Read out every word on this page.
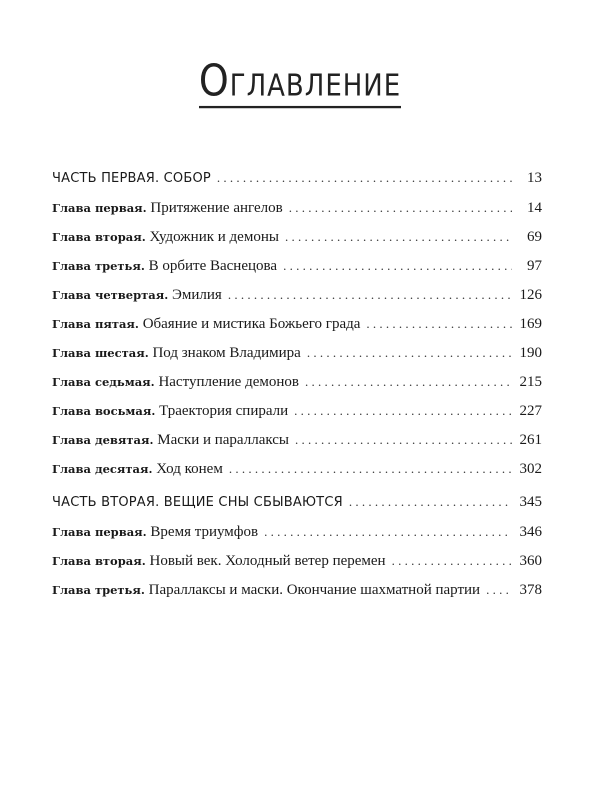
ОГЛАВЛЕНИЕ
ЧАСТЬ ПЕРВАЯ. СОБОР . . .	13
Глава первая. Притяжение ангелов . . .	14
Глава вторая. Художник и демоны . . .	69
Глава третья. В орбите Васнецова . . .	97
Глава четвертая. Эмилия . . .	126
Глава пятая. Обаяние и мистика Божьего града . . .	169
Глава шестая. Под знаком Владимира . . .	190
Глава седьмая. Наступление демонов . . .	215
Глава восьмая. Траектория спирали . . .	227
Глава девятая. Маски и параллаксы . . .	261
Глава десятая. Ход конем . . .	302
ЧАСТЬ ВТОРАЯ. ВЕЩИЕ СНЫ СБЫВАЮТСЯ . . .	345
Глава первая. Время триумфов . . .	346
Глава вторая. Новый век. Холодный ветер перемен . . .	360
Глава третья. Параллаксы и маски. Окончание шахматной партии . . .	378
